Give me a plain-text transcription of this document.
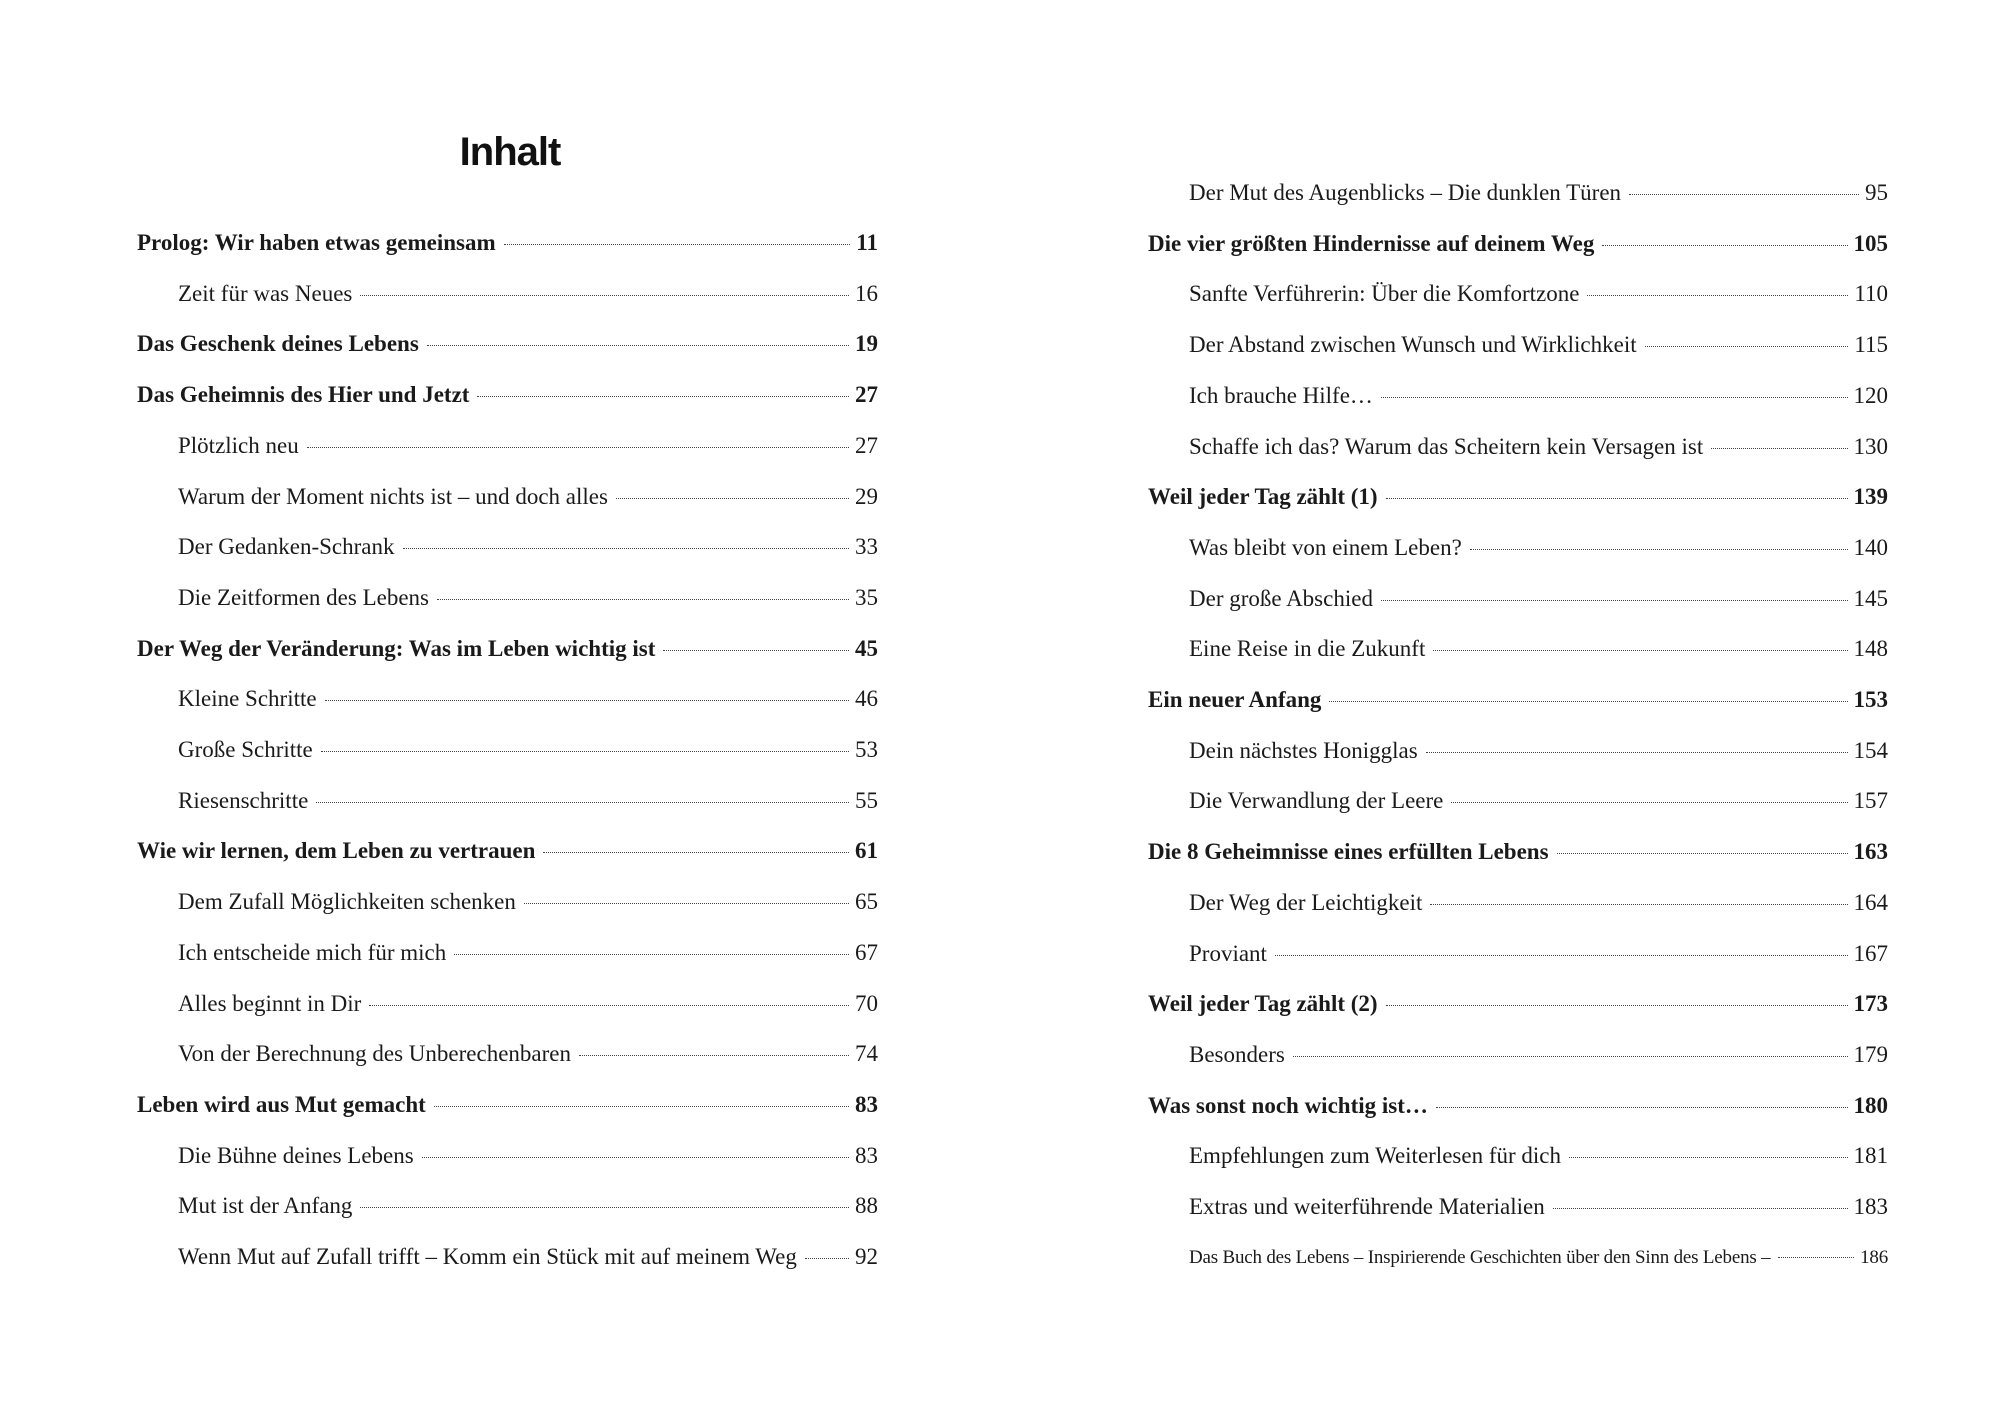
Inhalt
Prolog: Wir haben etwas gemeinsam	11
Zeit für was Neues	16
Das Geschenk deines Lebens	19
Das Geheimnis des Hier und Jetzt	27
Plötzlich neu	27
Warum der Moment nichts ist – und doch alles	29
Der Gedanken-Schrank	33
Die Zeitformen des Lebens	35
Der Weg der Veränderung: Was im Leben wichtig ist	45
Kleine Schritte	46
Große Schritte	53
Riesenschritte	55
Wie wir lernen, dem Leben zu vertrauen	61
Dem Zufall Möglichkeiten schenken	65
Ich entscheide mich für mich	67
Alles beginnt in Dir	70
Von der Berechnung des Unberechenbaren	74
Leben wird aus Mut gemacht	83
Die Bühne deines Lebens	83
Mut ist der Anfang	88
Wenn Mut auf Zufall trifft – Komm ein Stück mit auf meinem Weg	92
Der Mut des Augenblicks – Die dunklen Türen	95
Die vier größten Hindernisse auf deinem Weg	105
Sanfte Verführerin: Über die Komfortzone	110
Der Abstand zwischen Wunsch und Wirklichkeit	115
Ich brauche Hilfe…	120
Schaffe ich das? Warum das Scheitern kein Versagen ist	130
Weil jeder Tag zählt (1)	139
Was bleibt von einem Leben?	140
Der große Abschied	145
Eine Reise in die Zukunft	148
Ein neuer Anfang	153
Dein nächstes Honigglas	154
Die Verwandlung der Leere	157
Die 8 Geheimnisse eines erfüllten Lebens	163
Der Weg der Leichtigkeit	164
Proviant	167
Weil jeder Tag zählt (2)	173
Besonders	179
Was sonst noch wichtig ist…	180
Empfehlungen zum Weiterlesen für dich	181
Extras und weiterführende Materialien	183
Das Buch des Lebens – Inspirierende Geschichten über den Sinn des Lebens –	186
